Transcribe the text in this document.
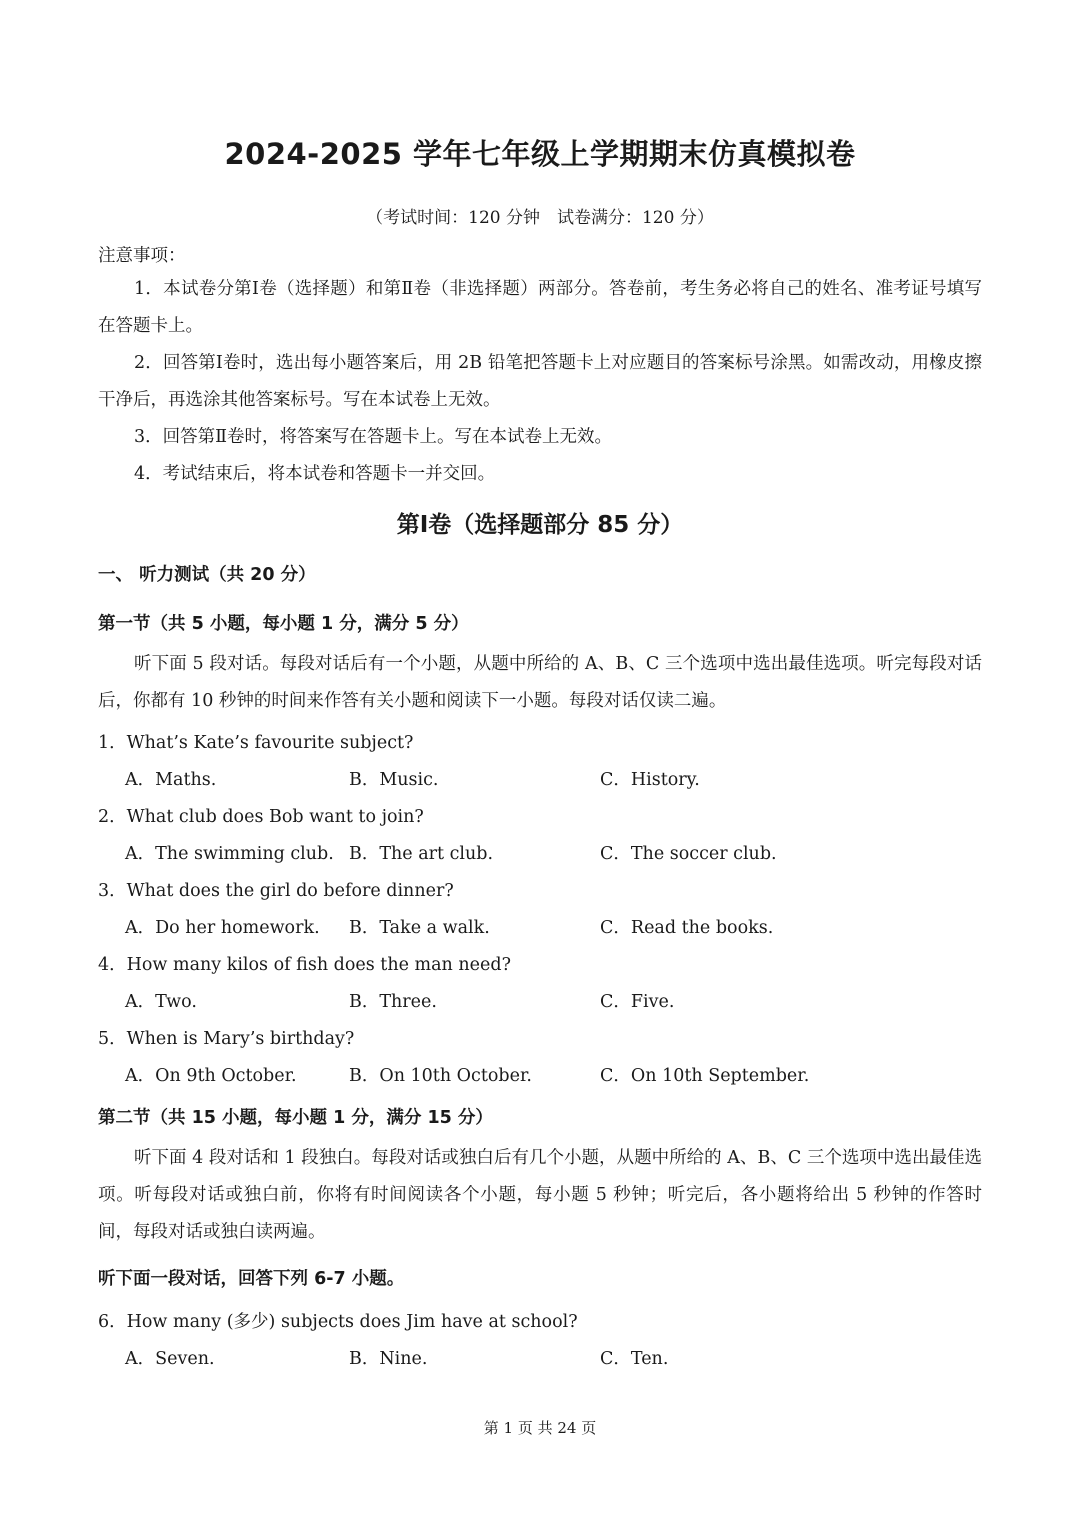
2024-2025 学年七年级上学期期末仿真模拟卷
（考试时间：120 分钟　试卷满分：120 分）
注意事项：
1．本试卷分第Ⅰ卷（选择题）和第Ⅱ卷（非选择题）两部分。答卷前，考生务必将自己的姓名、准考证号填写在答题卡上。
2．回答第Ⅰ卷时，选出每小题答案后，用 2B 铅笔把答题卡上对应题目的答案标号涂黑。如需改动，用橡皮擦干净后，再选涂其他答案标号。写在本试卷上无效。
3．回答第Ⅱ卷时，将答案写在答题卡上。写在本试卷上无效。
4．考试结束后，将本试卷和答题卡一并交回。
第Ⅰ卷（选择题部分 85 分）
一、 听力测试（共 20 分）
第一节（共 5 小题，每小题 1 分，满分 5 分）
听下面 5 段对话。每段对话后有一个小题，从题中所给的 A、B、C 三个选项中选出最佳选项。听完每段对话后，你都有 10 秒钟的时间来作答有关小题和阅读下一小题。每段对话仅读二遍。
1．What’s Kate’s favourite subject?
A．Maths.	B．Music.	C．History.
2．What club does Bob want to join?
A．The swimming club. B．The art club.	C．The soccer club.
3．What does the girl do before dinner?
A．Do her homework. B．Take a walk.	C．Read the books.
4．How many kilos of fish does the man need?
A．Two.	B．Three.	C．Five.
5．When is Mary’s birthday?
A．On 9th October.	B．On 10th October.	C．On 10th September.
第二节（共 15 小题，每小题 1 分，满分 15 分）
听下面 4 段对话和 1 段独白。每段对话或独白后有几个小题，从题中所给的 A、B、C 三个选项中选出最佳选项。听每段对话或独白前，你将有时间阅读各个小题，每小题 5 秒钟；听完后，各小题将给出 5 秒钟的作答时间，每段对话或独白读两遍。
听下面一段对话，回答下列 6-7 小题。
6．How many (多少) subjects does Jim have at school?
A．Seven.	B．Nine.	C．Ten.
第 1 页 共 24 页
